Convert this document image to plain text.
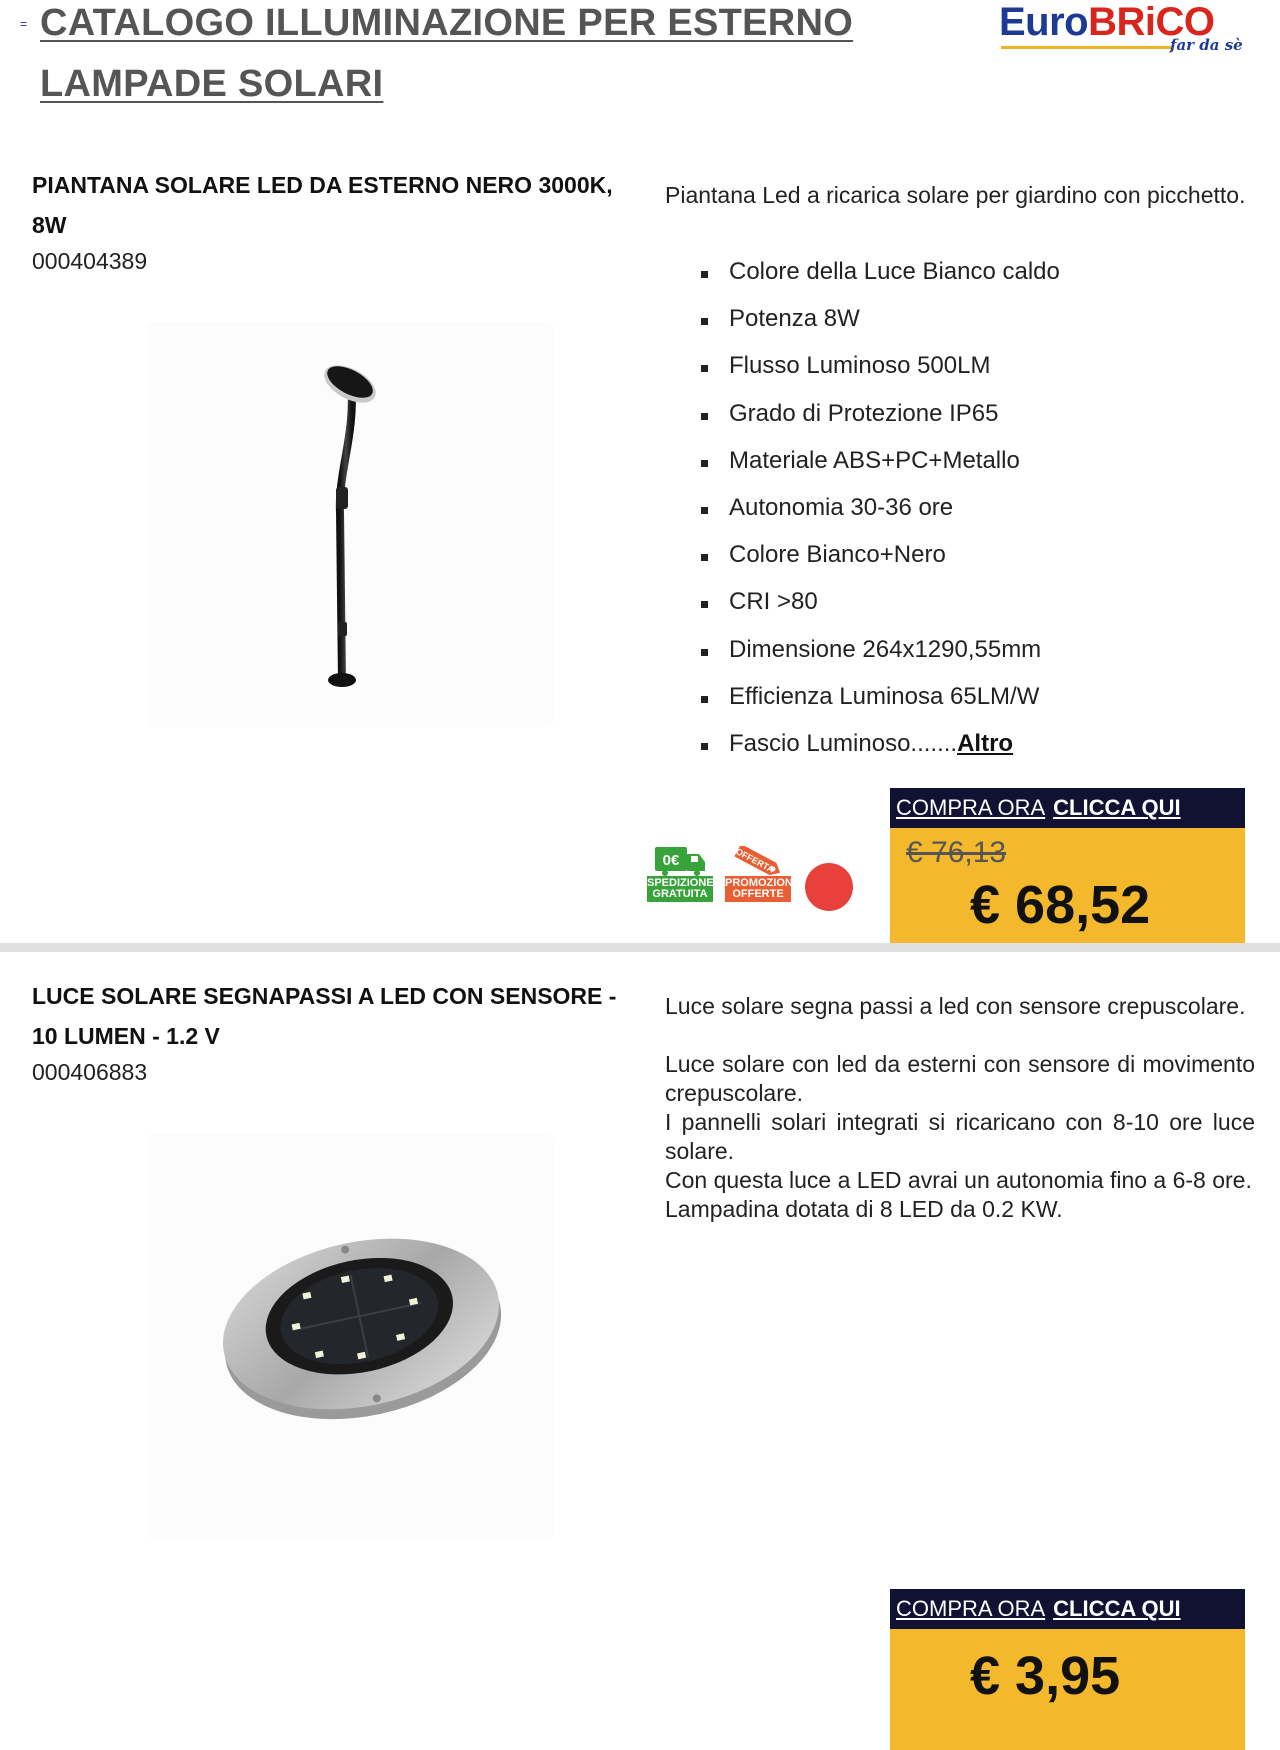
= CATALOGO ILLUMINAZIONE PER ESTERNO
LAMPADE SOLARI
EuroBRiCO
far da sè
PIANTANA SOLARE LED DA ESTERNO NERO 3000K, 8W
000404389
Piantana Led a ricarica solare per giardino con picchetto.
Colore della Luce Bianco caldo
Potenza 8W
Flusso Luminoso 500LM
Grado di Protezione IP65
Materiale ABS+PC+Metallo
Autonomia 30-36 ore
Colore Bianco+Nero
CRI >80
Dimensione 264x1290,55mm
Efficienza Luminosa 65LM/W
Fascio Luminoso.......Altro
0€
SPEDIZIONE GRATUITA
OFFERTA
PROMOZIONI OFFERTE
COMPRA ORA CLICCA QUI
€ 76,13
€ 68,52
LUCE SOLARE SEGNAPASSI A LED CON SENSORE - 10 LUMEN - 1.2 V
000406883

Luce solare segna passi a led con sensore crepuscolare.

Luce solare con led da esterni con sensore di movimento crepuscolare.

I pannelli solari integrati si ricaricano con 8-10 ore luce solare.

Con questa luce a LED avrai un autonomia fino a 6-8 ore.

Lampadina dotata di 8 LED da 0.2 KW.

COMPRA ORA CLICCA QUI
€ 3,95
